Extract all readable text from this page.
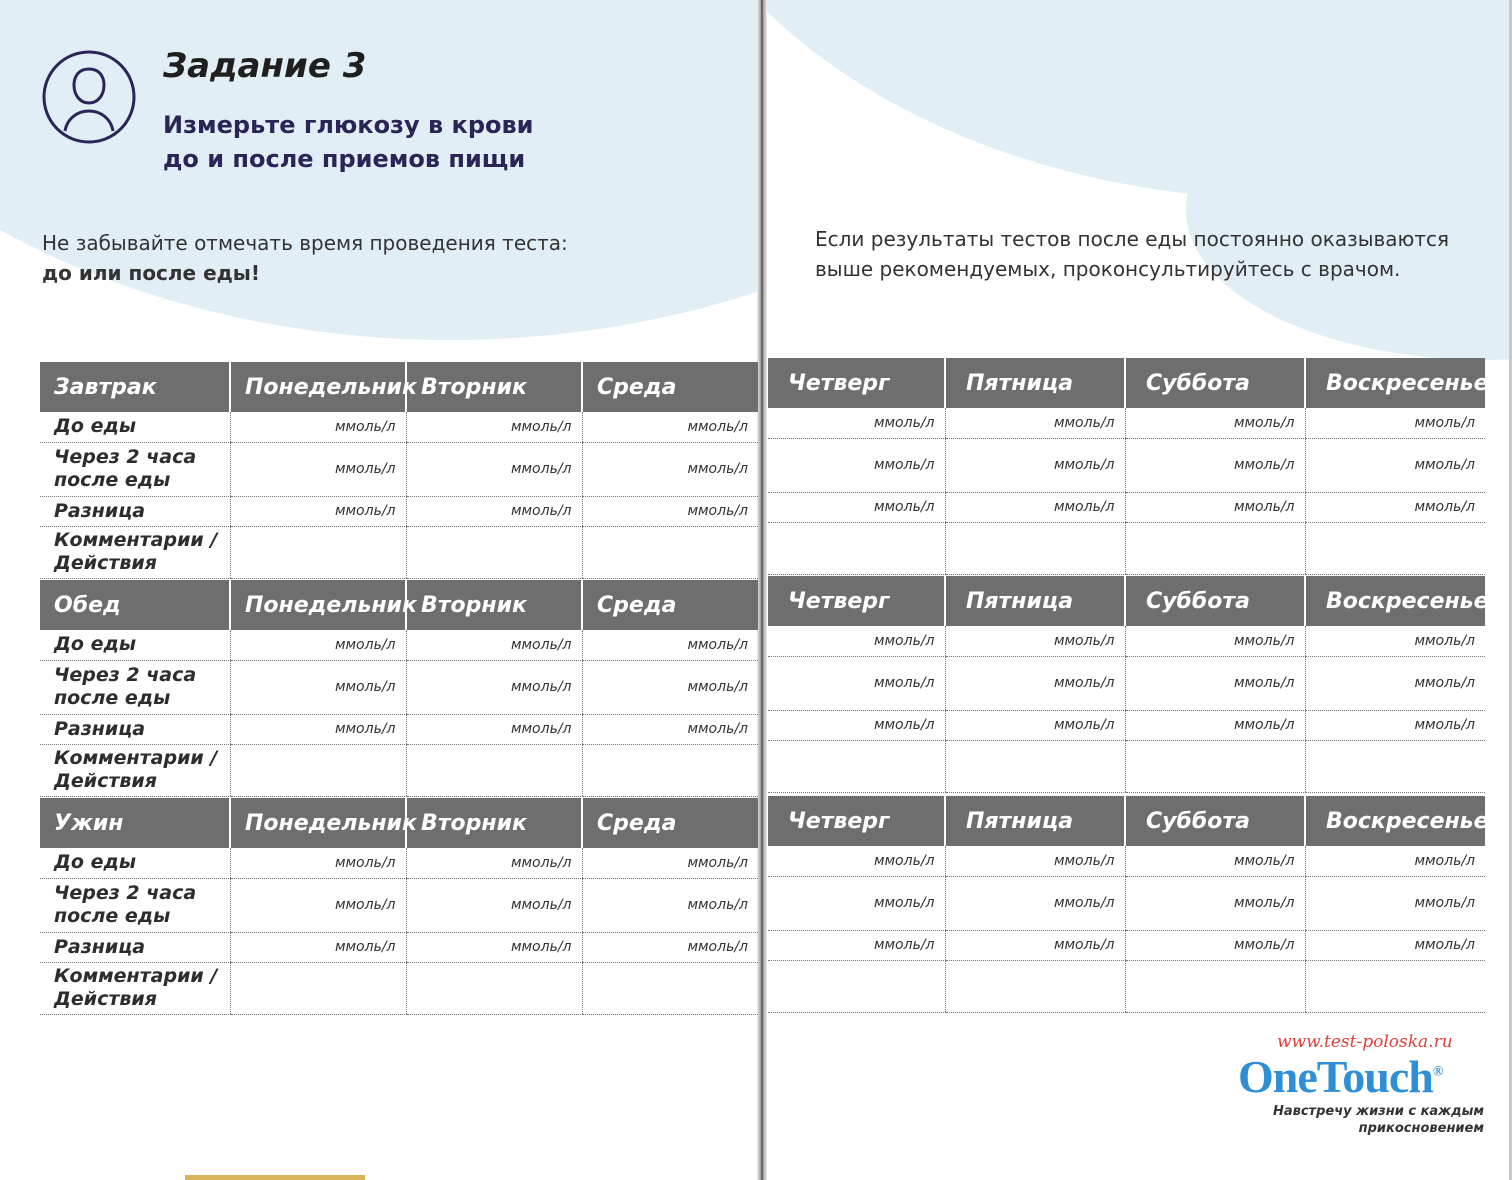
Задание 3
Измерьте глюкозу в крови
до и после приемов пищи
Не забывайте отмечать время проведения теста:
до или после еды!
Если результаты тестов после еды постоянно оказываются
выше рекомендуемых, проконсультируйтесь с врачом.
Завтрак	Понедельник	Вторник	Среда
До еды	ммоль/л	ммоль/л	ммоль/л

Через 2 часа
после еды	ммоль/л	ммоль/л	ммоль/л
Разница	ммоль/л	ммоль/л	ммоль/л

Комментарии /
Действия			

Четверг	Пятница	Суббота	Воскресенье
ммоль/л	ммоль/л	ммоль/л	ммоль/л
ммоль/л	ммоль/л	ммоль/л	ммоль/л
ммоль/л	ммоль/л	ммоль/л	ммоль/л

Обед	Понедельник	Вторник	Среда
До еды	ммоль/л	ммоль/л	ммоль/л

Через 2 часа
после еды	ммоль/л	ммоль/л	ммоль/л
Разница	ммоль/л	ммоль/л	ммоль/л

Комментарии /
Действия			

Четверг	Пятница	Суббота	Воскресенье
ммоль/л	ммоль/л	ммоль/л	ммоль/л
ммоль/л	ммоль/л	ммоль/л	ммоль/л
ммоль/л	ммоль/л	ммоль/л	ммоль/л

Ужин	Понедельник	Вторник	Среда
До еды	ммоль/л	ммоль/л	ммоль/л

Через 2 часа
после еды	ммоль/л	ммоль/л	ммоль/л
Разница	ммоль/л	ммоль/л	ммоль/л

Комментарии /
Действия			

Четверг	Пятница	Суббота	Воскресенье
ммоль/л	ммоль/л	ммоль/л	ммоль/л
ммоль/л	ммоль/л	ммоль/л	ммоль/л
ммоль/л	ммоль/л	ммоль/л	ммоль/л

www.test-poloska.ru
OneTouch®
Навстречу жизни с каждым
прикосновением
